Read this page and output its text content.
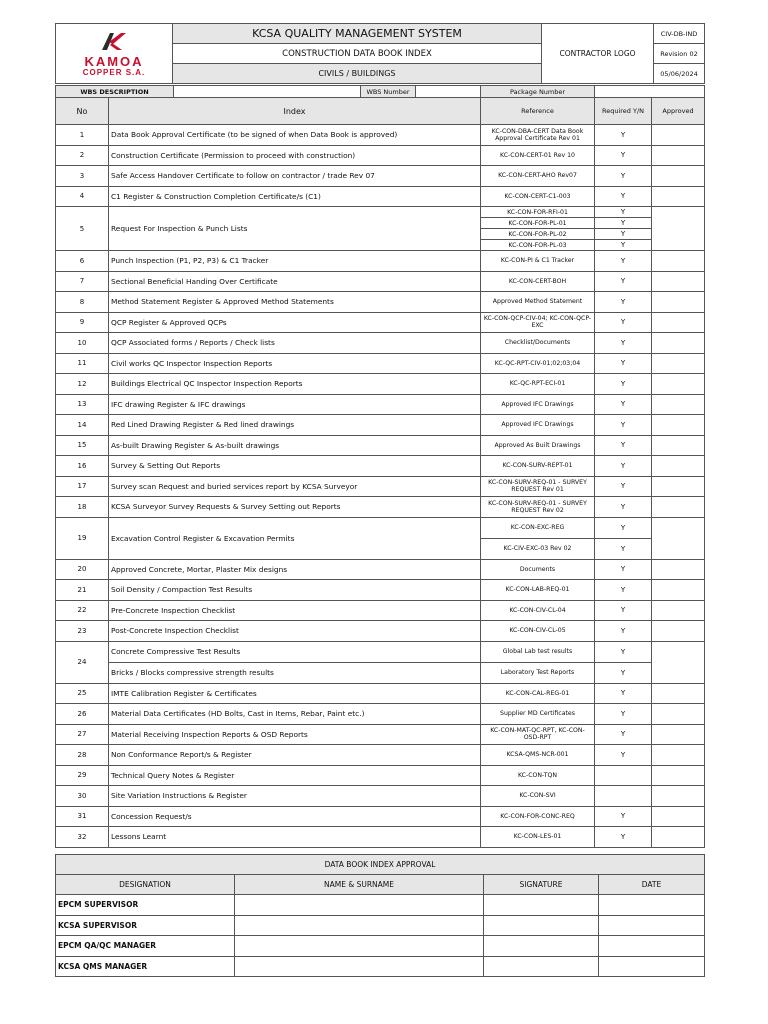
KAMOA
COPPER S.A.	KCSA QUALITY MANAGEMENT SYSTEM	CONTRACTOR LOGO	CIV-DB-IND
	CONSTRUCTION DATA BOOK INDEX		Revision 02
	CIVILS / BUILDINGS		05/06/2024
WBS DESCRIPTION			WBS Number		Package Number		
No	Index				Reference	Required Y/N	Approved
1	Data Book Approval Certificate (to be signed of when Data Book is approved)				KC-CON-DBA-CERT Data Book Approval Certificate Rev 01	Y	
2	Construction Certificate (Permission to proceed with construction)				KC-CON-CERT-01 Rev 10	Y	
3	Safe Access Handover Certificate to follow on contractor / trade Rev 07				KC-CON-CERT-AHO Rev07	Y	
4	C1 Register & Construction Completion Certificate/s (C1)				KC-CON-CERT-C1-003	Y	
5	Request For Inspection & Punch Lists				KC-CON-FOR-RFI-01	Y	
					KC-CON-FOR-PL-01	Y	
					KC-CON-FOR-PL-02	Y	
					KC-CON-FOR-PL-03	Y	
6	Punch Inspection (P1, P2, P3) & C1 Tracker				KC-CON-PI & C1 Tracker	Y	
7	Sectional Beneficial Handing Over Certificate				KC-CON-CERT-BOH	Y	
8	Method Statement Register & Approved Method Statements				Approved Method Statement	Y	
9	QCP Register & Approved QCPs				KC-CON-QCP-CIV-04; KC-CON-QCP-EXC	Y	
10	QCP Associated forms / Reports / Check lists				Checklist/Documents	Y	
11	Civil works QC Inspector Inspection Reports				KC-QC-RPT-CIV-01;02;03;04	Y	
12	Buildings Electrical QC Inspector Inspection Reports				KC-QC-RPT-ECI-01	Y	
13	IFC drawing Register & IFC drawings				Approved IFC Drawings	Y	
14	Red Lined Drawing Register & Red lined drawings				Approved IFC Drawings	Y	
15	As-built Drawing Register & As-built drawings				Approved As Built Drawings	Y	
16	Survey & Setting Out Reports				KC-CON-SURV-REPT-01	Y	
17	Survey scan Request and buried services report by KCSA Surveyor				KC-CON-SURV-REQ-01 - SURVEY REQUEST Rev 01	Y	
18	KCSA Surveyor Survey Requests & Survey Setting out Reports				KC-CON-SURV-REQ-01 - SURVEY REQUEST Rev 02	Y	
19	Excavation Control Register & Excavation Permits				KC-CON-EXC-REG	Y	
					KC-CIV-EXC-03 Rev 02	Y	
20	Approved Concrete, Mortar, Plaster Mix designs				Documents	Y	
21	Soil Density / Compaction Test Results				KC-CON-LAB-REQ-01	Y	
22	Pre-Concrete Inspection Checklist				KC-CON-CIV-CL-04	Y	
23	Post-Concrete Inspection Checklist				KC-CON-CIV-CL-05	Y	
24	Concrete Compressive Test Results				Global Lab test results	Y	
	Bricks / Blocks compressive strength results				Laboratory Test Reports	Y	
25	IMTE Calibration Register & Certificates				KC-CON-CAL-REG-01	Y	
26	Material Data Certificates (HD Bolts, Cast in Items, Rebar, Paint etc.)				Supplier MD Certificates	Y	
27	Material Receiving Inspection Reports & OSD Reports				KC-CON-MAT-QC-RPT, KC-CON-OSD-RPT	Y	
28	Non Conformance Report/s & Register				KCSA-QMS-NCR-001	Y	
29	Technical Query Notes & Register				KC-CON-TQN		
30	Site Variation Instructions & Register				KC-CON-SVI		
31	Concession Request/s				KC-CON-FOR-CONC-REQ	Y	
32	Lessons Learnt				KC-CON-LES-01	Y	
DATA BOOK INDEX APPROVAL			
DESIGNATION	NAME & SURNAME	SIGNATURE	DATE
EPCM SUPERVISOR			
KCSA SUPERVISOR			
EPCM QA/QC MANAGER			
KCSA QMS MANAGER			
